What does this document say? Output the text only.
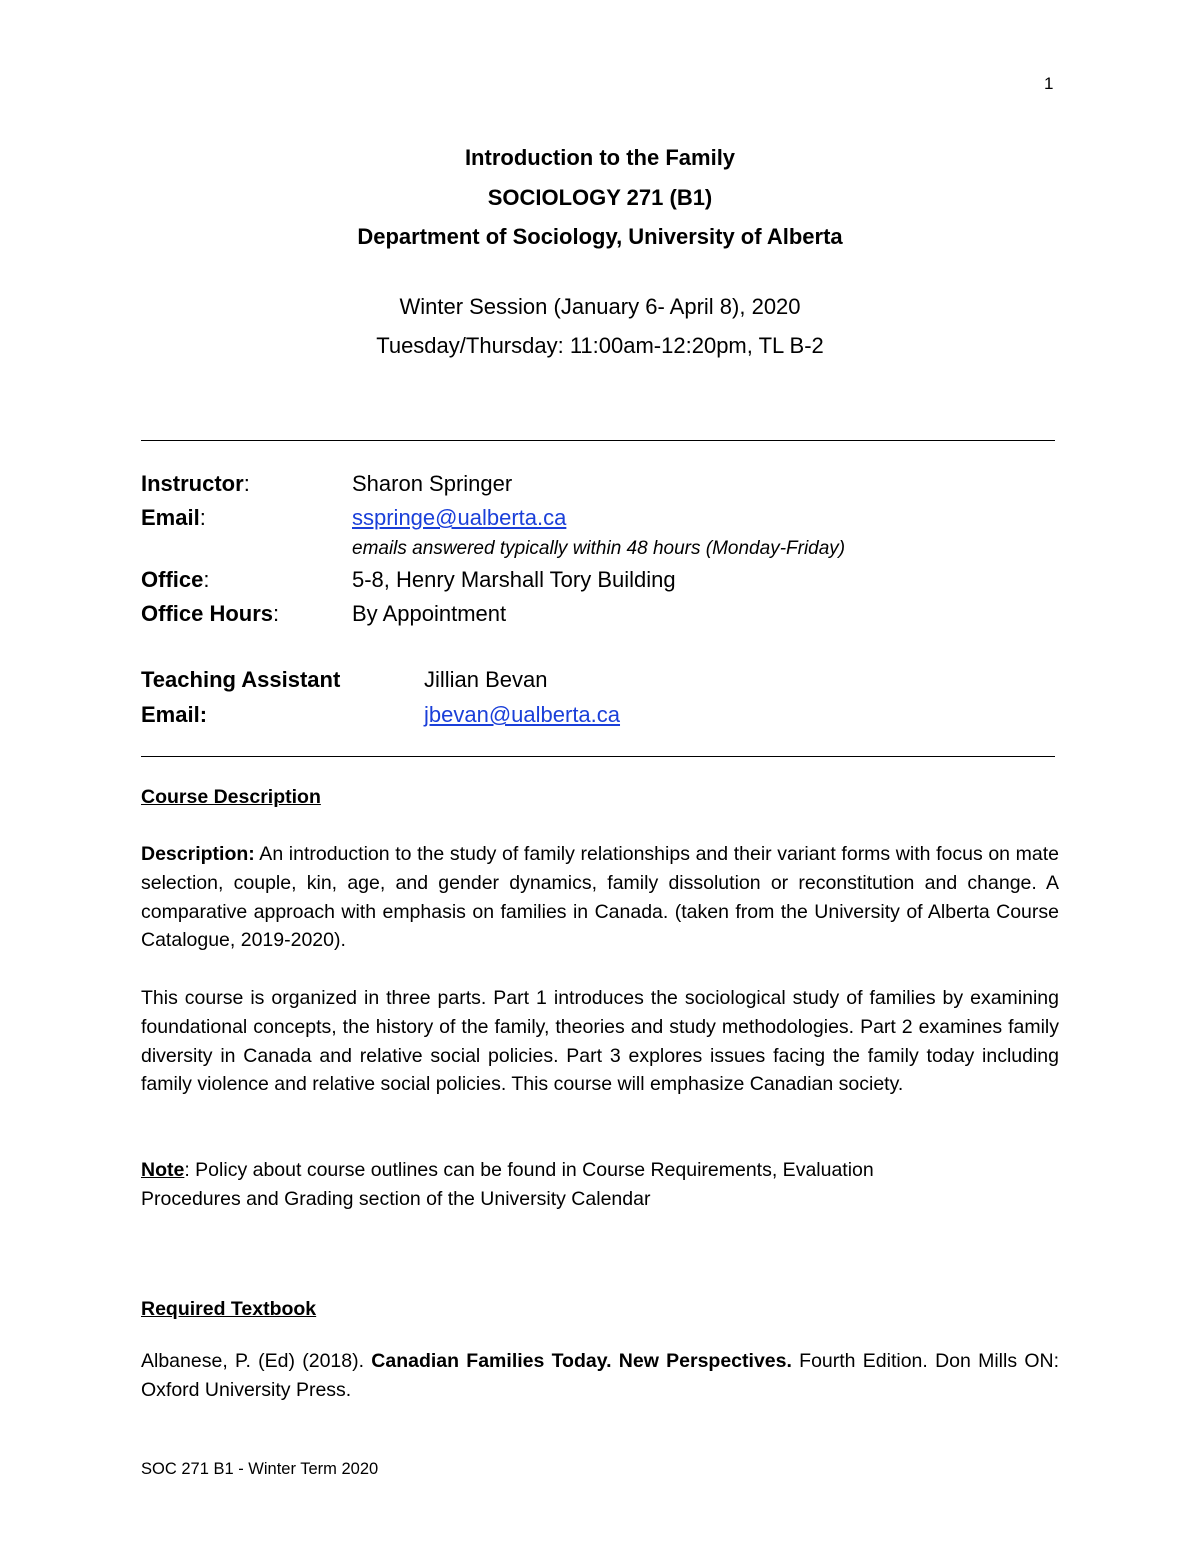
1
Introduction to the Family
SOCIOLOGY 271 (B1)
Department of Sociology, University of Alberta
Winter Session (January 6- April 8), 2020
Tuesday/Thursday: 11:00am-12:20pm, TL B-2
Instructor:	Sharon Springer
Email:	sspringe@ualberta.ca
emails answered typically within 48 hours (Monday-Friday)
Office:	5-8, Henry Marshall Tory Building
Office Hours:	By Appointment
Teaching Assistant	Jillian Bevan
Email:	jbevan@ualberta.ca
Course Description
Description: An introduction to the study of family relationships and their variant forms with focus on mate selection, couple, kin, age, and gender dynamics, family dissolution or reconstitution and change. A comparative approach with emphasis on families in Canada. (taken from the University of Alberta Course Catalogue, 2019-2020).
This course is organized in three parts. Part 1 introduces the sociological study of families by examining foundational concepts, the history of the family, theories and study methodologies. Part 2 examines family diversity in Canada and relative social policies. Part 3 explores issues facing the family today including family violence and relative social policies. This course will emphasize Canadian society.
Note: Policy about course outlines can be found in Course Requirements, Evaluation Procedures and Grading section of the University Calendar
Required Textbook
Albanese, P. (Ed) (2018). Canadian Families Today. New Perspectives. Fourth Edition. Don Mills ON: Oxford University Press.
SOC 271 B1 - Winter Term 2020
